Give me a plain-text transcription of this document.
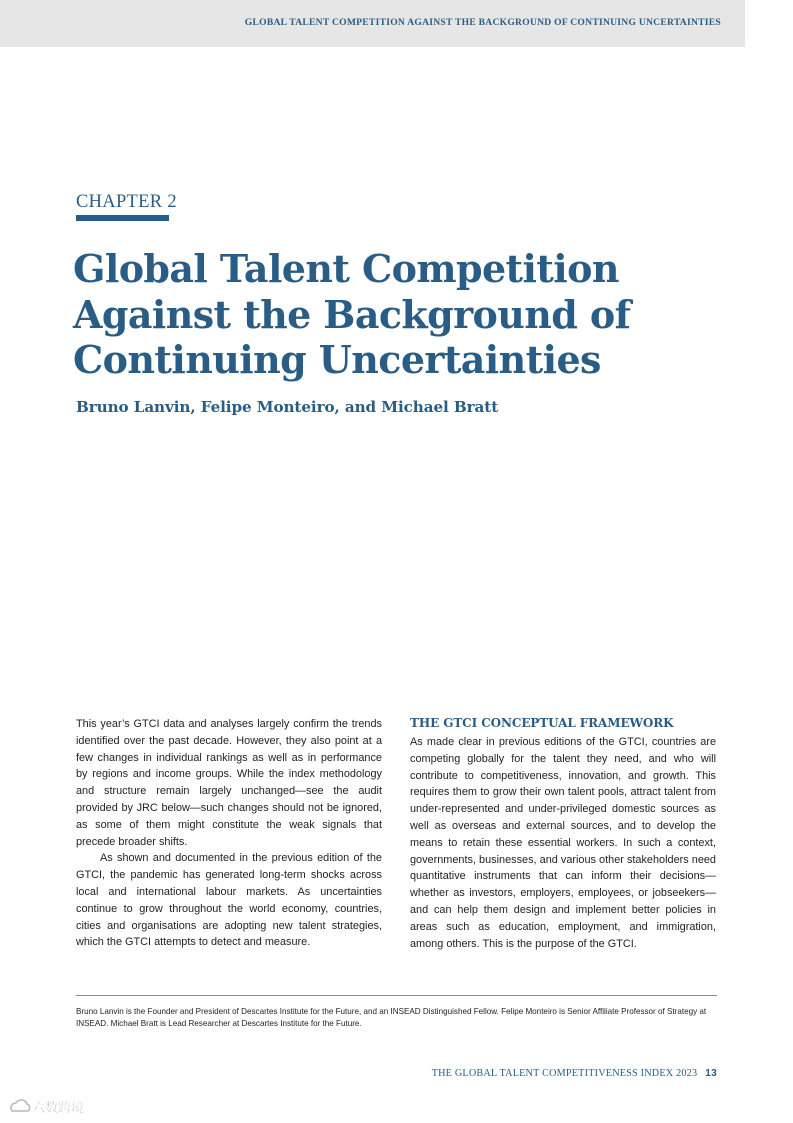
GLOBAL TALENT COMPETITION AGAINST THE BACKGROUND OF CONTINUING UNCERTAINTIES
CHAPTER 2
Global Talent Competition
Against the Background of
Continuing Uncertainties
Bruno Lanvin, Felipe Monteiro, and Michael Bratt

This year’s GTCI data and analyses largely confirm the trends identified over the past decade. However, they also point at a few changes in individual rankings as well as in performance by regions and income groups. While the index methodology and structure remain largely unchanged—see the audit provided by JRC below—such changes should not be ignored, as some of them might constitute the weak signals that precede broader shifts.

As shown and documented in the previous edition of the GTCI, the pandemic has generated long-term shocks across local and international labour markets. As uncertainties continue to grow throughout the world economy, countries, cities and organisations are adopting new talent strategies, which the GTCI attempts to detect and measure.

THE GTCI CONCEPTUAL FRAMEWORK

As made clear in previous editions of the GTCI, countries are competing globally for the talent they need, and who will contribute to competitiveness, innovation, and growth. This requires them to grow their own talent pools, attract talent from under-represented and under-privileged domestic sources as well as overseas and external sources, and to develop the means to retain these essential workers. In such a context, governments, businesses, and various other stakeholders need quantitative instruments that can inform their decisions—whether as investors, employers, employees, or jobseekers—and can help them design and implement better policies in areas such as education, employment, and immigration, among others. This is the purpose of the GTCI.

Bruno Lanvin is the Founder and President of Descartes Institute for the Future, and an INSEAD Distinguished Fellow. Felipe Monteiro is Senior Affiliate Professor of Strategy at INSEAD. Michael Bratt is Lead Researcher at Descartes Institute for the Future.

THE GLOBAL TALENT COMPETITIVENESS INDEX 2023 13
六数跨境
